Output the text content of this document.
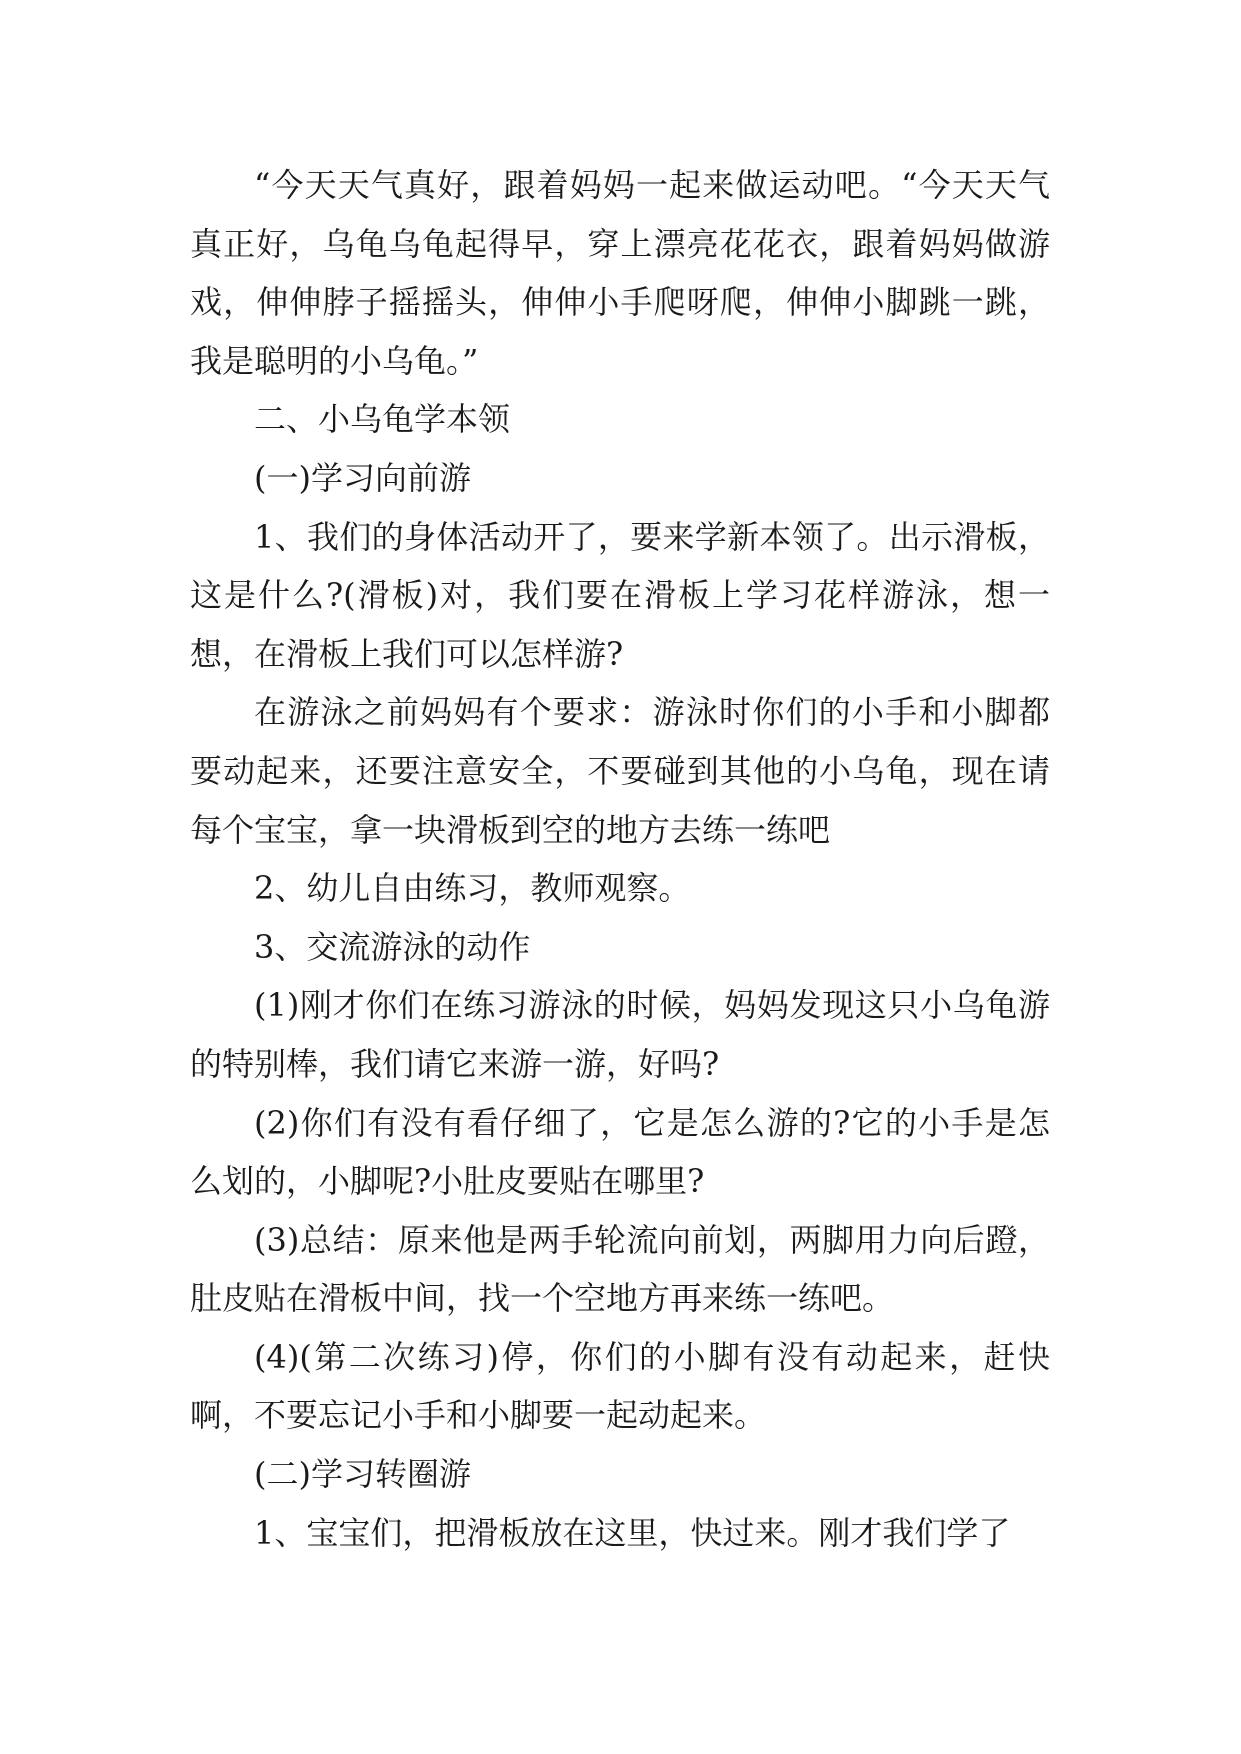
“今天天气真好，跟着妈妈一起来做运动吧。“今天天气真正好，乌龟乌龟起得早，穿上漂亮花花衣，跟着妈妈做游戏，伸伸脖子摇摇头，伸伸小手爬呀爬，伸伸小脚跳一跳，我是聪明的小乌龟。”

二、小乌龟学本领

(一)学习向前游

1、我们的身体活动开了，要来学新本领了。出示滑板，这是什么?(滑板)对，我们要在滑板上学习花样游泳，想一想，在滑板上我们可以怎样游?

在游泳之前妈妈有个要求：游泳时你们的小手和小脚都要动起来，还要注意安全，不要碰到其他的小乌龟，现在请每个宝宝，拿一块滑板到空的地方去练一练吧

2、幼儿自由练习，教师观察。

3、交流游泳的动作

(1)刚才你们在练习游泳的时候，妈妈发现这只小乌龟游的特别棒，我们请它来游一游，好吗?

(2)你们有没有看仔细了，它是怎么游的?它的小手是怎么划的，小脚呢?小肚皮要贴在哪里?

(3)总结：原来他是两手轮流向前划，两脚用力向后蹬，肚皮贴在滑板中间，找一个空地方再来练一练吧。

(4)(第二次练习)停，你们的小脚有没有动起来，赶快啊，不要忘记小手和小脚要一起动起来。

(二)学习转圈游

1、宝宝们，把滑板放在这里，快过来。刚才我们学了
